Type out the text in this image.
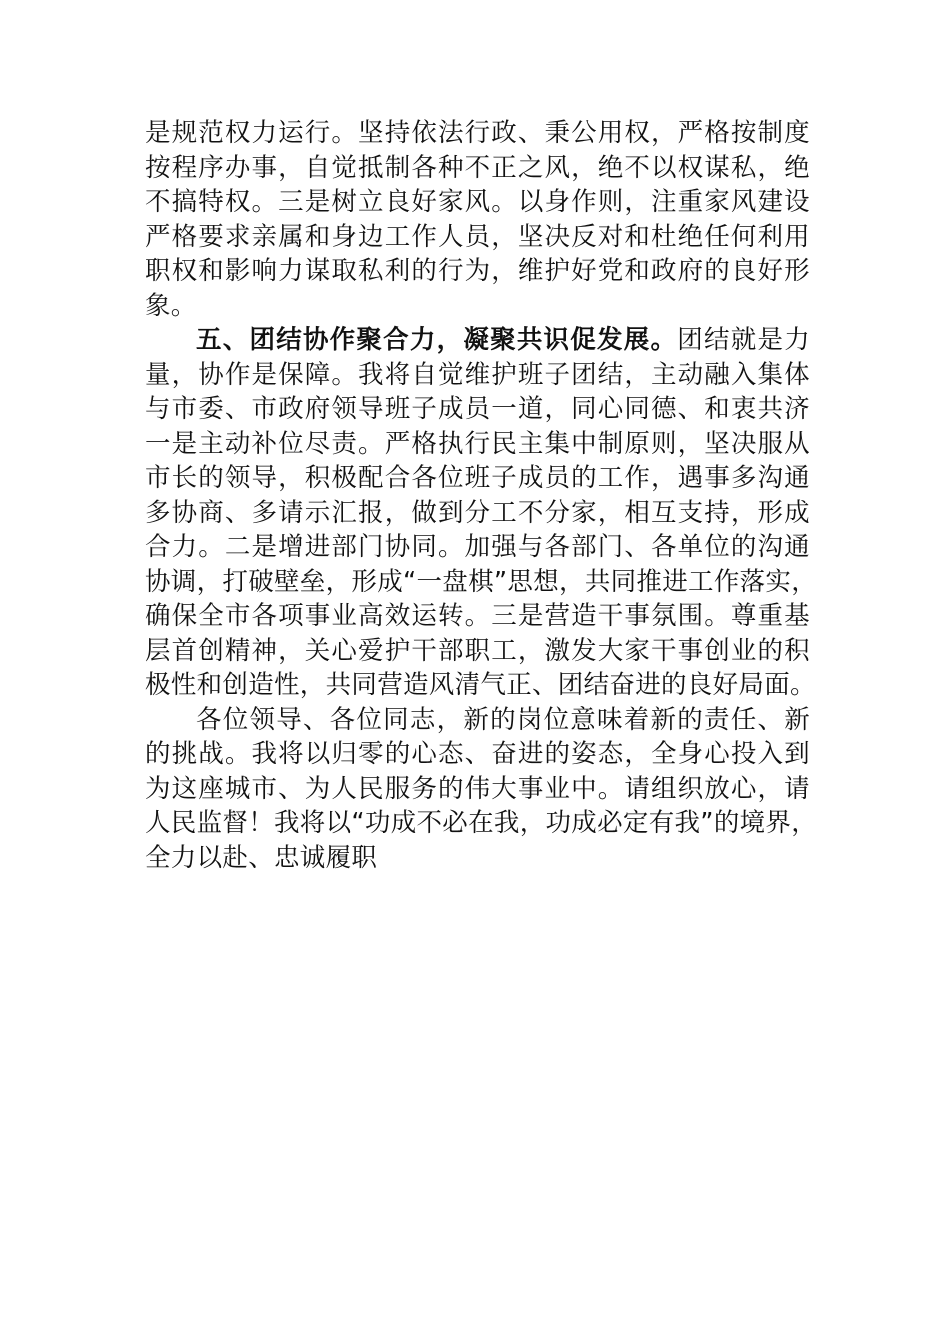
是规范权力运行。坚持依法行政、秉公用权，严格按制度
按程序办事，自觉抵制各种不正之风，绝不以权谋私，绝
不搞特权。三是树立良好家风。以身作则，注重家风建设
严格要求亲属和身边工作人员，坚决反对和杜绝任何利用
职权和影响力谋取私利的行为，维护好党和政府的良好形
象。
五、团结协作聚合力，凝聚共识促发展。团结就是力
量，协作是保障。我将自觉维护班子团结，主动融入集体
与市委、市政府领导班子成员一道，同心同德、和衷共济
一是主动补位尽责。严格执行民主集中制原则，坚决服从
市长的领导，积极配合各位班子成员的工作，遇事多沟通
多协商、多请示汇报，做到分工不分家，相互支持，形成
合力。二是增进部门协同。加强与各部门、各单位的沟通
协调，打破壁垒，形成“一盘棋”思想，共同推进工作落实，
确保全市各项事业高效运转。三是营造干事氛围。尊重基
层首创精神，关心爱护干部职工，激发大家干事创业的积
极性和创造性，共同营造风清气正、团结奋进的良好局面。
各位领导、各位同志，新的岗位意味着新的责任、新
的挑战。我将以归零的心态、奋进的姿态，全身心投入到
为这座城市、为人民服务的伟大事业中。请组织放心，请
人民监督！我将以“功成不必在我，功成必定有我”的境界，
全力以赴、忠诚履职
